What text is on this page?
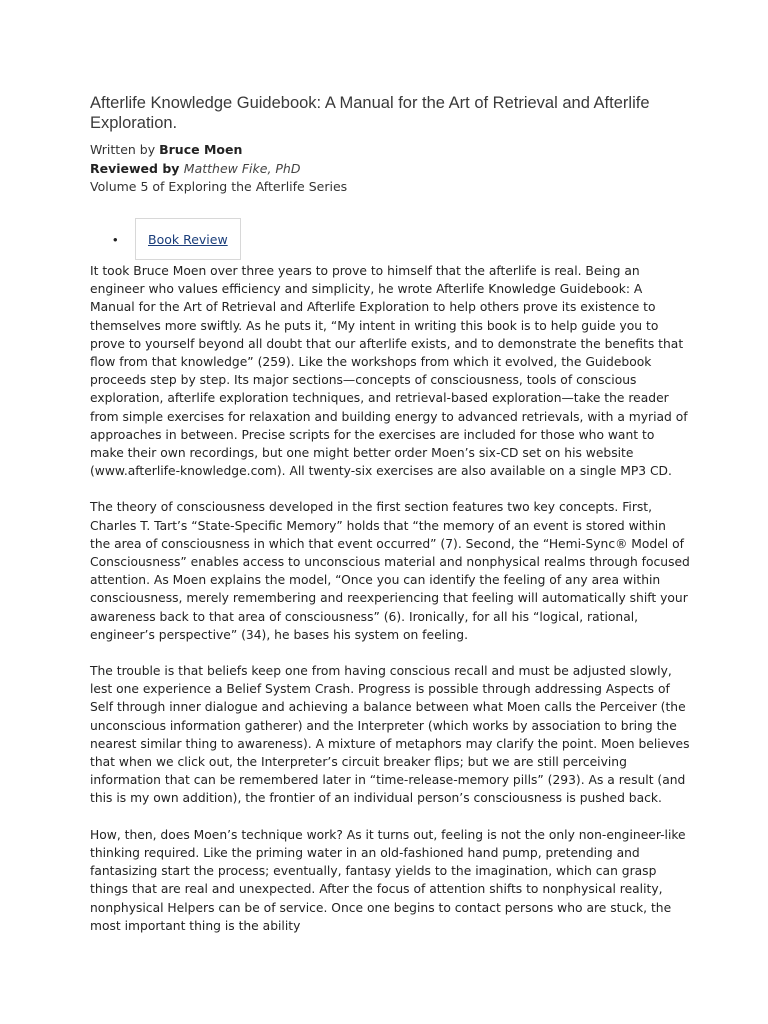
Afterlife Knowledge Guidebook: A Manual for the Art of Retrieval and Afterlife Exploration.
Written by Bruce Moen
Reviewed by Matthew Fike, PhD
Volume 5 of Exploring the Afterlife Series
•	Book Review

It took Bruce Moen over three years to prove to himself that the afterlife is real. Being an engineer who values efficiency and simplicity, he wrote Afterlife Knowledge Guidebook: A Manual for the Art of Retrieval and Afterlife Exploration to help others prove its existence to themselves more swiftly. As he puts it, “My intent in writing this book is to help guide you to prove to yourself beyond all doubt that our afterlife exists, and to demonstrate the benefits that flow from that knowledge” (259). Like the workshops from which it evolved, the Guidebook proceeds step by step. Its major sections—concepts of consciousness, tools of conscious exploration, afterlife exploration techniques, and retrieval-based exploration—take the reader from simple exercises for relaxation and building energy to advanced retrievals, with a myriad of approaches in between. Precise scripts for the exercises are included for those who want to make their own recordings, but one might better order Moen’s six-CD set on his website (www.afterlife-knowledge.com). All twenty-six exercises are also available on a single MP3 CD.

The theory of consciousness developed in the first section features two key concepts. First, Charles T. Tart’s “State-Specific Memory” holds that “the memory of an event is stored within the area of consciousness in which that event occurred” (7). Second, the “Hemi-Sync® Model of Consciousness” enables access to unconscious material and nonphysical realms through focused attention. As Moen explains the model, “Once you can identify the feeling of any area within consciousness, merely remembering and reexperiencing that feeling will automatically shift your awareness back to that area of consciousness” (6). Ironically, for all his “logical, rational, engineer’s perspective” (34), he bases his system on feeling.

The trouble is that beliefs keep one from having conscious recall and must be adjusted slowly, lest one experience a Belief System Crash. Progress is possible through addressing Aspects of Self through inner dialogue and achieving a balance between what Moen calls the Perceiver (the unconscious information gatherer) and the Interpreter (which works by association to bring the nearest similar thing to awareness). A mixture of metaphors may clarify the point. Moen believes that when we click out, the Interpreter’s circuit breaker flips; but we are still perceiving information that can be remembered later in “time-release-memory pills” (293). As a result (and this is my own addition), the frontier of an individual person’s consciousness is pushed back.

How, then, does Moen’s technique work? As it turns out, feeling is not the only non-engineer-like thinking required. Like the priming water in an old-fashioned hand pump, pretending and fantasizing start the process; eventually, fantasy yields to the imagination, which can grasp things that are real and unexpected. After the focus of attention shifts to nonphysical reality, nonphysical Helpers can be of service. Once one begins to contact persons who are stuck, the most important thing is the ability
